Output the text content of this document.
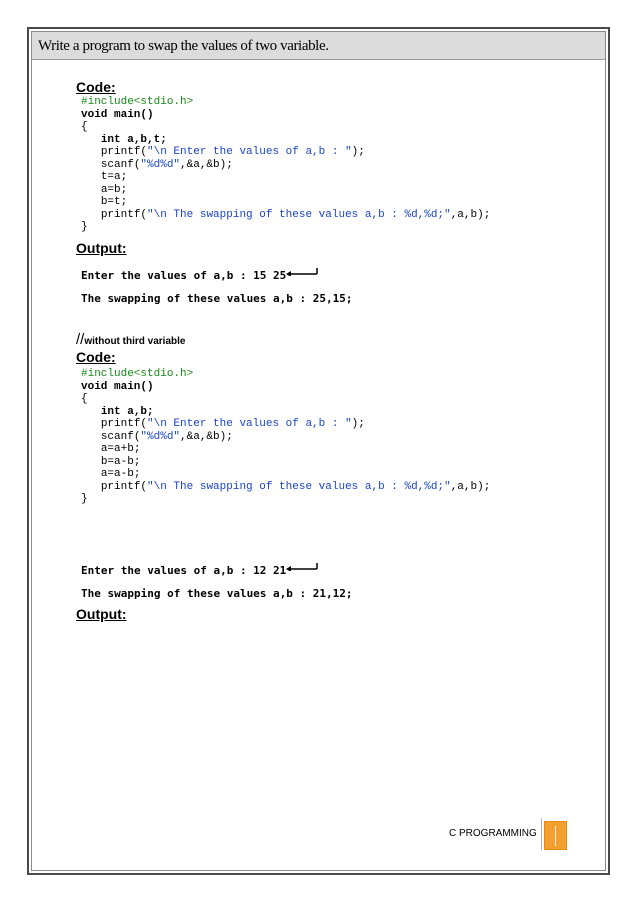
Write a program to swap the values of two variable.
Code:
#include<stdio.h>
void main()
{
int a,b,t;
printf("\n Enter the values of a,b : ");
scanf("%d%d",&a,&b);
t=a;
a=b;
b=t;
printf("\n The swapping of these values a,b : %d,%d;",a,b);
}
Output:
Enter the values of a,b : 15 25
The swapping of these values a,b : 25,15;
//without third variable
Code:
#include<stdio.h>
void main()
{
int a,b;
printf("\n Enter the values of a,b : ");
scanf("%d%d",&a,&b);
a=a+b;
b=a-b;
a=a-b;
printf("\n The swapping of these values a,b : %d,%d;",a,b);
}
Enter the values of a,b : 12 21
The swapping of these values a,b : 21,12;
Output:
C PROGRAMMING
